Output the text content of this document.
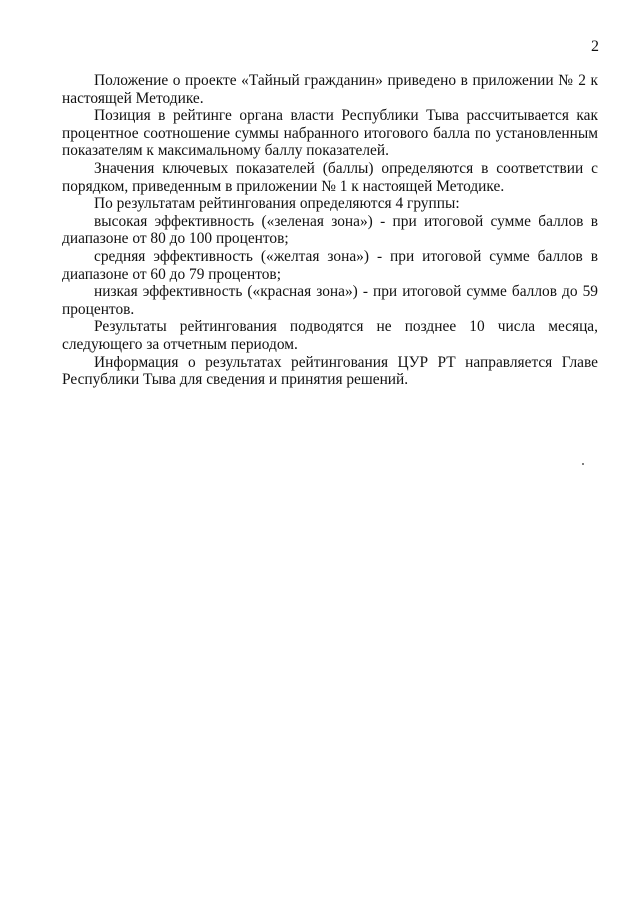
2

Положение о проекте «Тайный гражданин» приведено в приложении № 2 к настоящей Методике.

Позиция в рейтинге органа власти Республики Тыва рассчитывается как процентное соотношение суммы набранного итогового балла по установленным показателям к максимальному баллу показателей.

Значения ключевых показателей (баллы) определяются в соответствии с порядком, приведенным в приложении № 1 к настоящей Методике.

По результатам рейтингования определяются 4 группы:

высокая эффективность («зеленая зона») - при итоговой сумме баллов в диапазоне от 80 до 100 процентов;

средняя эффективность («желтая зона») - при итоговой сумме баллов в диапазоне от 60 до 79 процентов;

низкая эффективность («красная зона») - при итоговой сумме баллов до 59 процентов.

Результаты рейтингования подводятся не позднее 10 числа месяца, следующего за отчетным периодом.

Информация о результатах рейтингования ЦУР РТ направляется Главе Республики Тыва для сведения и принятия решений.
